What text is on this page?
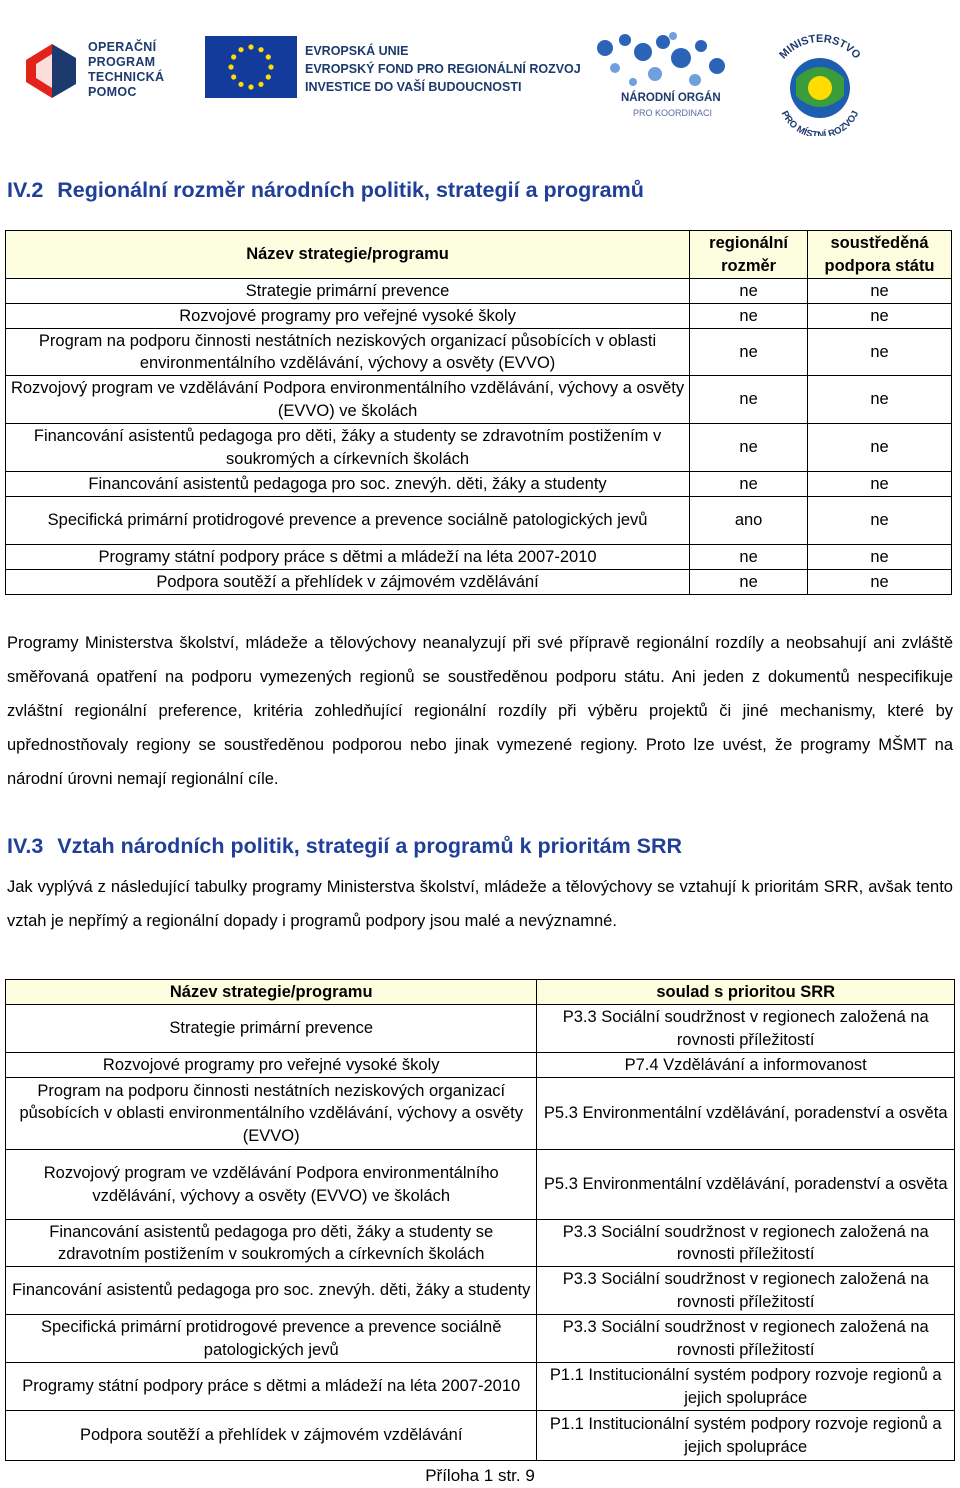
OPERAČNÍ
PROGRAM
TECHNICKÁ
POMOC
EVROPSKÁ UNIE
EVROPSKÝ FOND PRO REGIONÁLNÍ ROZVOJ
INVESTICE DO VAŠÍ BUDOUCNOSTI
NÁRODNÍ ORGÁN
PRO KOORDINACI
MINISTERSTVO
PRO MÍSTNÍ ROZVOJ
IV.2 Regionální rozměr národních politik, strategií a programů
Název strategie/programu	regionální rozměr	soustředěná podpora státu
Strategie primární prevence	ne	ne
Rozvojové programy pro veřejné vysoké školy	ne	ne
Program na podporu činnosti nestátních neziskových organizací působících v oblasti environmentálního vzdělávání, výchovy a osvěty (EVVO)	ne	ne
Rozvojový program ve vzdělávání Podpora environmentálního vzdělávání, výchovy a osvěty (EVVO) ve školách	ne	ne
Financování asistentů pedagoga pro děti, žáky a studenty se zdravotním postižením v soukromých a církevních školách	ne	ne
Financování asistentů pedagoga pro soc. znevýh. děti, žáky a studenty	ne	ne
Specifická primární protidrogové prevence a prevence sociálně patologických jevů	ano	ne
Programy státní podpory práce s dětmi a mládeží na léta 2007-2010	ne	ne
Podpora soutěží a přehlídek v zájmovém vzdělávání	ne	ne
Programy Ministerstva školství, mládeže a tělovýchovy neanalyzují při své přípravě regionální rozdíly a neobsahují ani zvláště směřovaná opatření na podporu vymezených regionů se soustředěnou podporu státu. Ani jeden z dokumentů nespecifikuje zvláštní regionální preference, kritéria zohledňující regionální rozdíly při výběru projektů či jiné mechanismy, které by upřednostňovaly regiony se soustředěnou podporou nebo jinak vymezené regiony. Proto lze uvést, že programy MŠMT na národní úrovni nemají regionální cíle.
IV.3 Vztah národních politik, strategií a programů k prioritám SRR
Jak vyplývá z následující tabulky programy Ministerstva školství, mládeže a tělovýchovy se vztahují k prioritám SRR, avšak tento vztah je nepřímý a regionální dopady i programů podpory jsou malé a nevýznamné.
Název strategie/programu	soulad s prioritou SRR
Strategie primární prevence	P3.3 Sociální soudržnost v regionech založená na rovnosti příležitostí
Rozvojové programy pro veřejné vysoké školy	P7.4 Vzdělávání a informovanost
Program na podporu činnosti nestátních neziskových organizací působících v oblasti environmentálního vzdělávání, výchovy a osvěty (EVVO)	P5.3 Environmentální vzdělávání, poradenství a osvěta
Rozvojový program ve vzdělávání Podpora environmentálního vzdělávání, výchovy a osvěty (EVVO) ve školách	P5.3 Environmentální vzdělávání, poradenství a osvěta
Financování asistentů pedagoga pro děti, žáky a studenty se zdravotním postižením v soukromých a církevních školách	P3.3 Sociální soudržnost v regionech založená na rovnosti příležitostí
Financování asistentů pedagoga pro soc. znevýh. děti, žáky a studenty	P3.3 Sociální soudržnost v regionech založená na rovnosti příležitostí
Specifická primární protidrogové prevence a prevence sociálně patologických jevů	P3.3 Sociální soudržnost v regionech založená na rovnosti příležitostí
Programy státní podpory práce s dětmi a mládeží na léta 2007-2010	P1.1 Institucionální systém podpory rozvoje regionů a jejich spolupráce
Podpora soutěží a přehlídek v zájmovém vzdělávání	P1.1 Institucionální systém podpory rozvoje regionů a jejich spolupráce
Příloha 1 str. 9
